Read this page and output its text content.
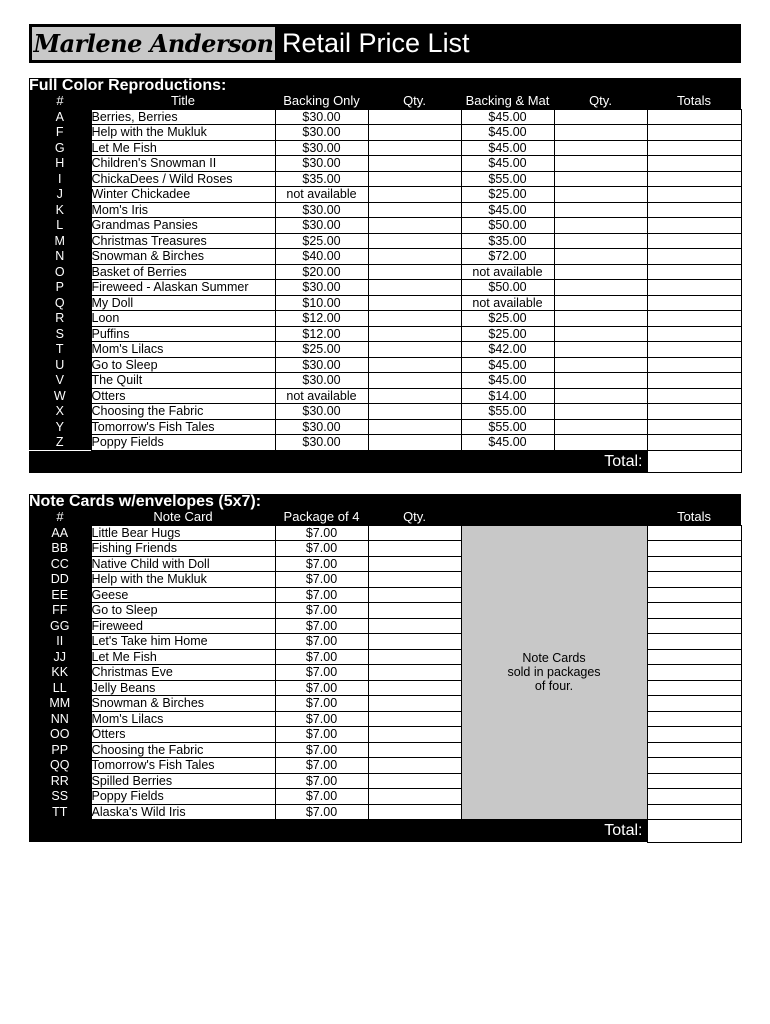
Marlene Anderson Retail Price List
Full Color Reproductions:						
#	Title	Backing Only	Qty.	Backing & Mat	Qty.	Totals
A	Berries, Berries	$30.00		$45.00		
F	Help with the Mukluk	$30.00		$45.00		
G	Let Me Fish	$30.00		$45.00		
H	Children's Snowman II	$30.00		$45.00		
I	ChickaDees / Wild Roses	$35.00		$55.00		
J	Winter Chickadee	not available		$25.00		
K	Mom's Iris	$30.00		$45.00		
L	Grandmas Pansies	$30.00		$50.00		
M	Christmas Treasures	$25.00		$35.00		
N	Snowman & Birches	$40.00		$72.00		
O	Basket of Berries	$20.00		not available		
P	Fireweed - Alaskan Summer	$30.00		$50.00		
Q	My Doll	$10.00		not available		
R	Loon	$12.00		$25.00		
S	Puffins	$12.00		$25.00		
T	Mom's Lilacs	$25.00		$42.00		
U	Go to Sleep	$30.00		$45.00		
V	The Quilt	$30.00		$45.00		
W	Otters	not available		$14.00		
X	Choosing the Fabric	$30.00		$55.00		
Y	Tomorrow's Fish Tales	$30.00		$55.00		
Z	Poppy Fields	$30.00		$45.00		
Total:						
Note Cards w/envelopes (5x7):					
#	Note Card	Package of 4	Qty.		Totals
AA	Little Bear Hugs	$7.00		Note Cards
sold in packages
of four.	

BB	Fishing Friends	$7.00			
CC	Native Child with Doll	$7.00			
DD	Help with the Mukluk	$7.00			
EE	Geese	$7.00			
FF	Go to Sleep	$7.00			
GG	Fireweed	$7.00			
II	Let's Take him Home	$7.00			
JJ	Let Me Fish	$7.00			
KK	Christmas Eve	$7.00			
LL	Jelly Beans	$7.00			
MM	Snowman & Birches	$7.00			
NN	Mom's Lilacs	$7.00			
OO	Otters	$7.00			
PP	Choosing the Fabric	$7.00			
QQ	Tomorrow's Fish Tales	$7.00			
RR	Spilled Berries	$7.00			
SS	Poppy Fields	$7.00			
TT	Alaska's Wild Iris	$7.00			
Total:					
